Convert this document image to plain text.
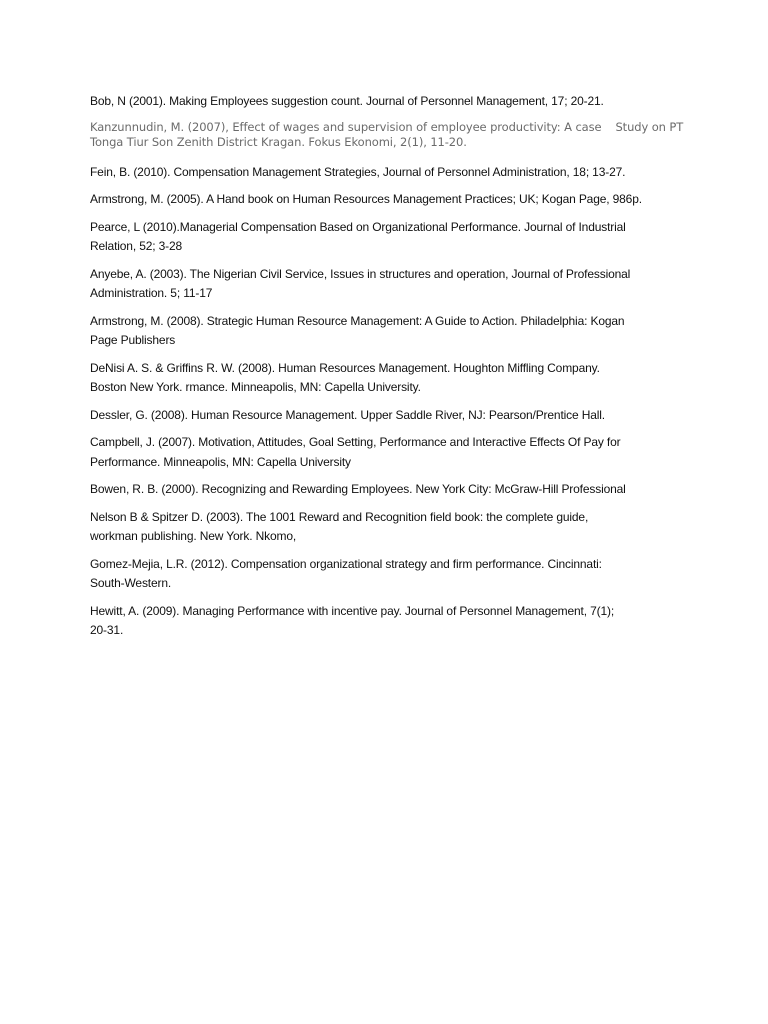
Bob, N (2001). Making Employees suggestion count. Journal of Personnel Management, 17; 20-21.

Kanzunnudin, M. (2007), Effect of wages and supervision of employee productivity: A case Study on PT
Tonga Tiur Son Zenith District Kragan. Fokus Ekonomi, 2(1), 11-20.

Fein, B. (2010). Compensation Management Strategies, Journal of Personnel Administration, 18; 13-27.

Armstrong, M. (2005). A Hand book on Human Resources Management Practices; UK; Kogan Page, 986p.

Pearce, L (2010).Managerial Compensation Based on Organizational Performance. Journal of Industrial
Relation, 52; 3-28

Anyebe, A. (2003). The Nigerian Civil Service, Issues in structures and operation, Journal of Professional
Administration. 5; 11-17

Armstrong, M. (2008). Strategic Human Resource Management: A Guide to Action. Philadelphia: Kogan
Page Publishers

DeNisi A. S. & Griffins R. W. (2008). Human Resources Management. Houghton Miffling Company.
Boston New York. rmance. Minneapolis, MN: Capella University.

Dessler, G. (2008). Human Resource Management. Upper Saddle River, NJ: Pearson/Prentice Hall.

Campbell, J. (2007). Motivation, Attitudes, Goal Setting, Performance and Interactive Effects Of Pay for
Performance. Minneapolis, MN: Capella University

Bowen, R. B. (2000). Recognizing and Rewarding Employees. New York City: McGraw-Hill Professional

Nelson B & Spitzer D. (2003). The 1001 Reward and Recognition field book: the complete guide,
workman publishing. New York. Nkomo,

Gomez-Mejia, L.R. (2012). Compensation organizational strategy and firm performance. Cincinnati:
South-Western.

Hewitt, A. (2009). Managing Performance with incentive pay. Journal of Personnel Management, 7(1);
20-31.
